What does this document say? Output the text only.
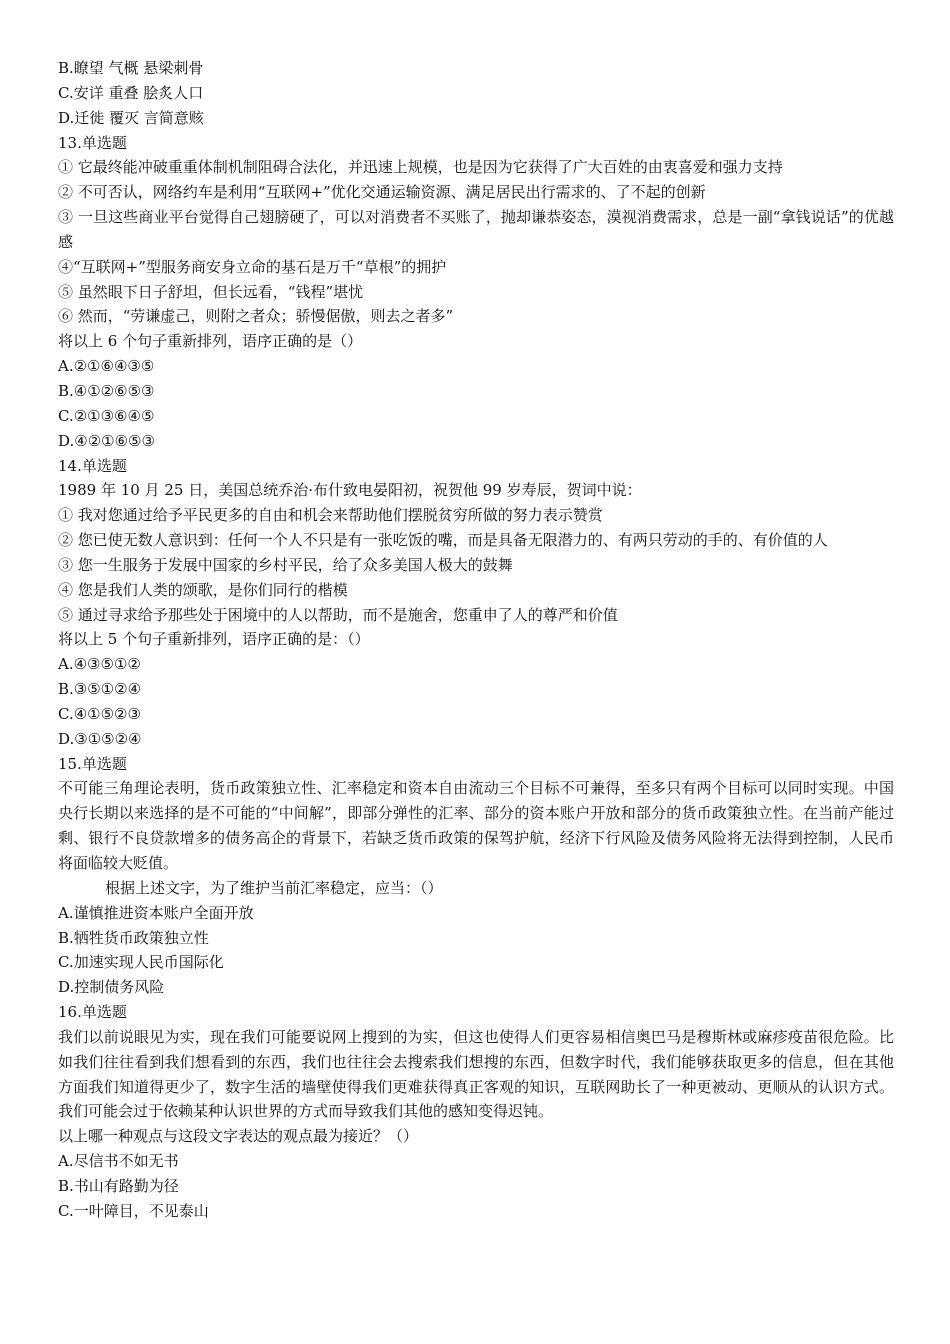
B.瞭望 气概 悬梁刺骨
C.安详 重叠 脍炙人口
D.迁徙 覆灭 言简意赅
13.单选题
① 它最终能冲破重重体制机制阻碍合法化，并迅速上规模，也是因为它获得了广大百姓的由衷喜爱和强力支持
② 不可否认，网络约车是利用“互联网+”优化交通运输资源、满足居民出行需求的、了不起的创新
③ 一旦这些商业平台觉得自己翅膀硬了，可以对消费者不买账了，抛却谦恭姿态，漠视消费需求，总是一副“拿钱说话”的优越感
④“互联网+”型服务商安身立命的基石是万千“草根”的拥护
⑤ 虽然眼下日子舒坦，但长远看，“钱程”堪忧
⑥ 然而，“劳谦虚己，则附之者众；骄慢倨傲，则去之者多”
将以上 6 个句子重新排列，语序正确的是（）
A.②①⑥④③⑤
B.④①②⑥⑤③
C.②①③⑥④⑤
D.④②①⑥⑤③
14.单选题
1989 年 10 月 25 日，美国总统乔治·布什致电晏阳初，祝贺他 99 岁寿辰，贺词中说：
① 我对您通过给予平民更多的自由和机会来帮助他们摆脱贫穷所做的努力表示赞赏
② 您已使无数人意识到：任何一个人不只是有一张吃饭的嘴，而是具备无限潜力的、有两只劳动的手的、有价值的人
③ 您一生服务于发展中国家的乡村平民，给了众多美国人极大的鼓舞
④ 您是我们人类的颂歌，是你们同行的楷模
⑤ 通过寻求给予那些处于困境中的人以帮助，而不是施舍，您重申了人的尊严和价值
将以上 5 个句子重新排列，语序正确的是：（）
A.④③⑤①②
B.③⑤①②④
C.④①⑤②③
D.③①⑤②④
15.单选题
不可能三角理论表明，货币政策独立性、汇率稳定和资本自由流动三个目标不可兼得，至多只有两个目标可以同时实现。中国央行长期以来选择的是不可能的“中间解”，即部分弹性的汇率、部分的资本账户开放和部分的货币政策独立性。在当前产能过剩、银行不良贷款增多的债务高企的背景下，若缺乏货币政策的保驾护航，经济下行风险及债务风险将无法得到控制，人民币将面临较大贬值。
根据上述文字，为了维护当前汇率稳定，应当：（）
A.谨慎推进资本账户全面开放
B.牺牲货币政策独立性
C.加速实现人民币国际化
D.控制债务风险
16.单选题
我们以前说眼见为实，现在我们可能要说网上搜到的为实，但这也使得人们更容易相信奥巴马是穆斯林或麻疹疫苗很危险。比如我们往往看到我们想看到的东西，我们也往往会去搜索我们想搜的东西，但数字时代，我们能够获取更多的信息，但在其他方面我们知道得更少了，数字生活的墙壁使得我们更难获得真正客观的知识，互联网助长了一种更被动、更顺从的认识方式。我们可能会过于依赖某种认识世界的方式而导致我们其他的感知变得迟钝。
以上哪一种观点与这段文字表达的观点最为接近？（）
A.尽信书不如无书
B.书山有路勤为径
C.一叶障目，不见泰山
